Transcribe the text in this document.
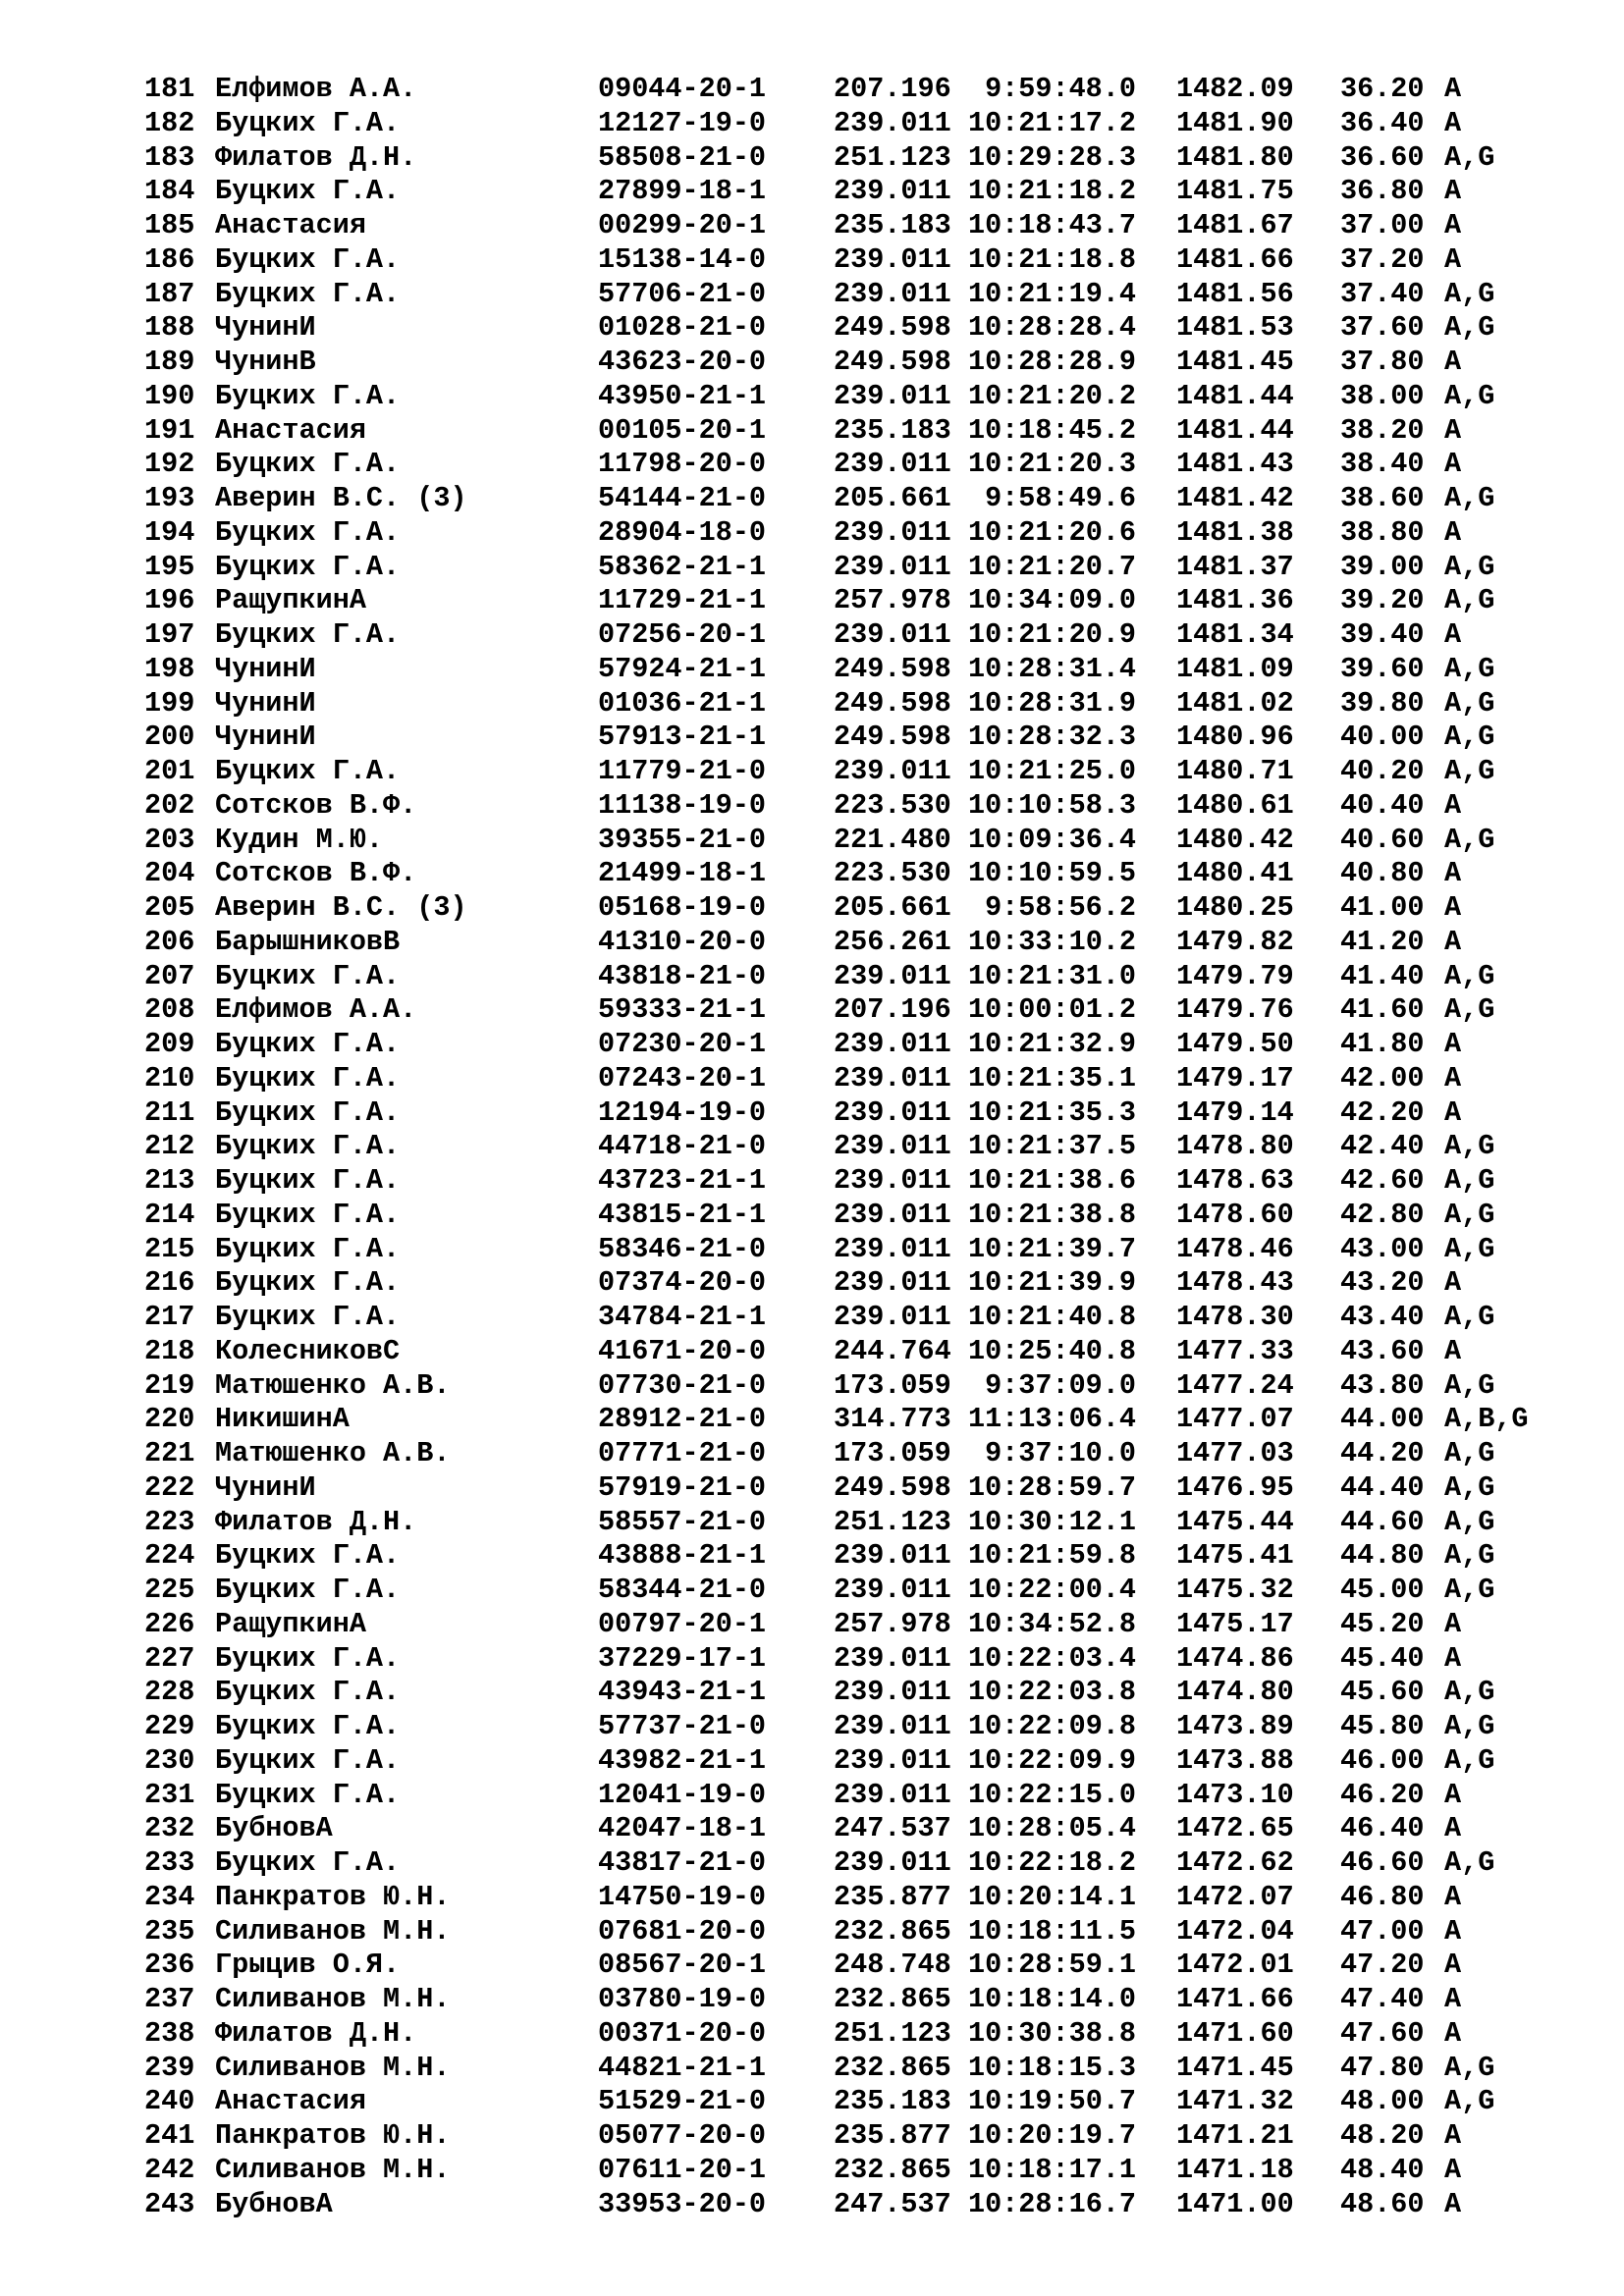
181 Елфимов А.А.	09044-20-1 207.196	9:59:48.0 1482.09 36.20 A
182 Буцких Г.А.	12127-19-0 239.011 10:21:17.2 1481.90 36.40 A
183 Филатов Д.Н.	58508-21-0 251.123 10:29:28.3 1481.80 36.60 A,G
184 Буцких Г.А.	27899-18-1 239.011 10:21:18.2 1481.75 36.80 A
185 Анастасия	00299-20-1 235.183 10:18:43.7 1481.67 37.00 A
186 Буцких Г.А.	15138-14-0 239.011 10:21:18.8 1481.66 37.20 A
187 Буцких Г.А.	57706-21-0 239.011 10:21:19.4 1481.56 37.40 A,G
188 ЧунинИ	01028-21-0 249.598 10:28:28.4 1481.53 37.60 A,G
189 ЧунинВ	43623-20-0 249.598 10:28:28.9 1481.45 37.80 A
190 Буцких Г.А.	43950-21-1 239.011 10:21:20.2 1481.44 38.00 A,G
191 Анастасия	00105-20-1 235.183 10:18:45.2 1481.44 38.20 A
192 Буцких Г.А.	11798-20-0 239.011 10:21:20.3 1481.43 38.40 A
193 Аверин В.С. (3)	54144-21-0 205.661	9:58:49.6 1481.42 38.60 A,G
194 Буцких Г.А.	28904-18-0 239.011 10:21:20.6 1481.38 38.80 A
195 Буцких Г.А.	58362-21-1 239.011 10:21:20.7 1481.37 39.00 A,G
196 РащупкинА	11729-21-1 257.978 10:34:09.0 1481.36 39.20 A,G
197 Буцких Г.А.	07256-20-1 239.011 10:21:20.9 1481.34 39.40 A
198 ЧунинИ	57924-21-1 249.598 10:28:31.4 1481.09 39.60 A,G
199 ЧунинИ	01036-21-1 249.598 10:28:31.9 1481.02 39.80 A,G
200 ЧунинИ	57913-21-1 249.598 10:28:32.3 1480.96 40.00 A,G
201 Буцких Г.А.	11779-21-0 239.011 10:21:25.0 1480.71 40.20 A,G
202 Сотсков В.Ф.	11138-19-0 223.530 10:10:58.3 1480.61 40.40 A
203 Кудин М.Ю.	39355-21-0 221.480 10:09:36.4 1480.42 40.60 A,G
204 Сотсков В.Ф.	21499-18-1 223.530 10:10:59.5 1480.41 40.80 A
205 Аверин В.С. (3)	05168-19-0 205.661	9:58:56.2 1480.25 41.00 A
206 БарышниковВ	41310-20-0 256.261 10:33:10.2 1479.82 41.20 A
207 Буцких Г.А.	43818-21-0 239.011 10:21:31.0 1479.79 41.40 A,G
208 Елфимов А.А.	59333-21-1 207.196 10:00:01.2 1479.76 41.60 A,G
209 Буцких Г.А.	07230-20-1 239.011 10:21:32.9 1479.50 41.80 A
210 Буцких Г.А.	07243-20-1 239.011 10:21:35.1 1479.17 42.00 A
211 Буцких Г.А.	12194-19-0 239.011 10:21:35.3 1479.14 42.20 A
212 Буцких Г.А.	44718-21-0 239.011 10:21:37.5 1478.80 42.40 A,G
213 Буцких Г.А.	43723-21-1 239.011 10:21:38.6 1478.63 42.60 A,G
214 Буцких Г.А.	43815-21-1 239.011 10:21:38.8 1478.60 42.80 A,G
215 Буцких Г.А.	58346-21-0 239.011 10:21:39.7 1478.46 43.00 A,G
216 Буцких Г.А.	07374-20-0 239.011 10:21:39.9 1478.43 43.20 A
217 Буцких Г.А.	34784-21-1 239.011 10:21:40.8 1478.30 43.40 A,G
218 КолесниковС	41671-20-0 244.764 10:25:40.8 1477.33 43.60 A
219 Матюшенко А.В.	07730-21-0 173.059	9:37:09.0 1477.24 43.80 A,G
220 НикишинА	28912-21-0 314.773 11:13:06.4 1477.07 44.00 A,B,G
221 Матюшенко А.В.	07771-21-0 173.059	9:37:10.0 1477.03 44.20 A,G
222 ЧунинИ	57919-21-0 249.598 10:28:59.7 1476.95 44.40 A,G
223 Филатов Д.Н.	58557-21-0 251.123 10:30:12.1 1475.44 44.60 A,G
224 Буцких Г.А.	43888-21-1 239.011 10:21:59.8 1475.41 44.80 A,G
225 Буцких Г.А.	58344-21-0 239.011 10:22:00.4 1475.32 45.00 A,G
226 РащупкинА	00797-20-1 257.978 10:34:52.8 1475.17 45.20 A
227 Буцких Г.А.	37229-17-1 239.011 10:22:03.4 1474.86 45.40 A
228 Буцких Г.А.	43943-21-1 239.011 10:22:03.8 1474.80 45.60 A,G
229 Буцких Г.А.	57737-21-0 239.011 10:22:09.8 1473.89 45.80 A,G
230 Буцких Г.А.	43982-21-1 239.011 10:22:09.9 1473.88 46.00 A,G
231 Буцких Г.А.	12041-19-0 239.011 10:22:15.0 1473.10 46.20 A
232 БубновА	42047-18-1 247.537 10:28:05.4 1472.65 46.40 A
233 Буцких Г.А.	43817-21-0 239.011 10:22:18.2 1472.62 46.60 A,G
234 Панкратов Ю.Н.	14750-19-0 235.877 10:20:14.1 1472.07 46.80 A
235 Силиванов М.Н.	07681-20-0 232.865 10:18:11.5 1472.04 47.00 A
236 Грыцив О.Я.	08567-20-1 248.748 10:28:59.1 1472.01 47.20 A
237 Силиванов М.Н.	03780-19-0 232.865 10:18:14.0 1471.66 47.40 A
238 Филатов Д.Н.	00371-20-0 251.123 10:30:38.8 1471.60 47.60 A
239 Силиванов М.Н.	44821-21-1 232.865 10:18:15.3 1471.45 47.80 A,G
240 Анастасия	51529-21-0 235.183 10:19:50.7 1471.32 48.00 A,G
241 Панкратов Ю.Н.	05077-20-0 235.877 10:20:19.7 1471.21 48.20 A
242 Силиванов М.Н.	07611-20-1 232.865 10:18:17.1 1471.18 48.40 A
243 БубновА	33953-20-0 247.537 10:28:16.7 1471.00 48.60 A
